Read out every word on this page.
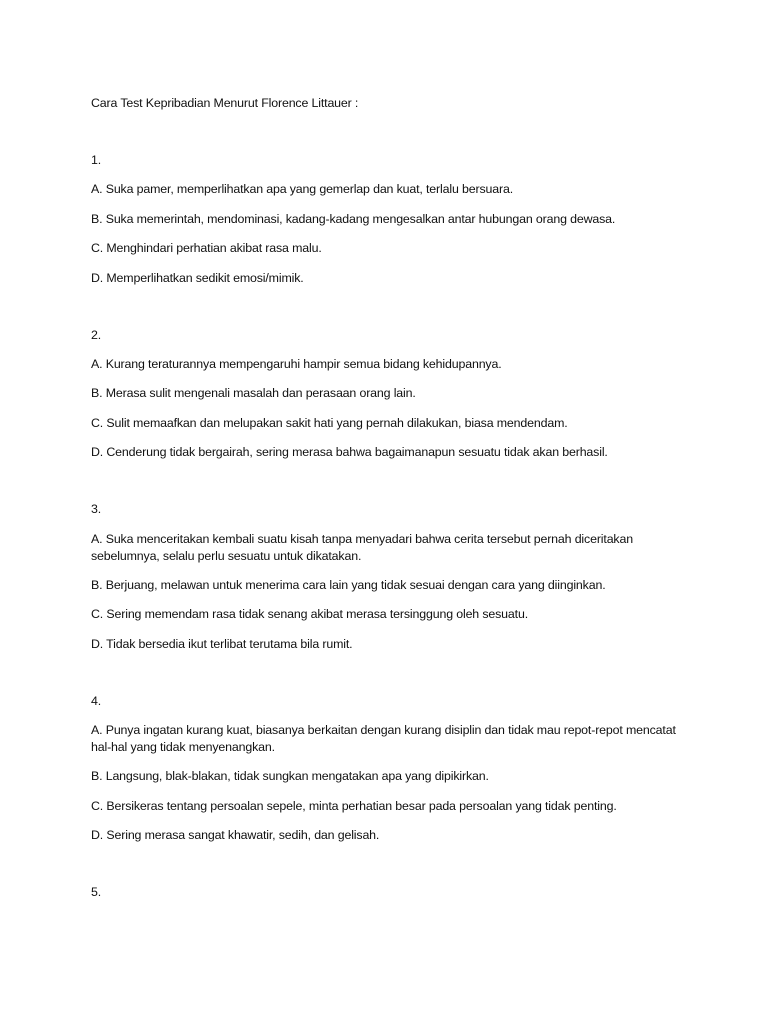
Cara Test Kepribadian Menurut Florence Littauer :

1.

A. Suka pamer, memperlihatkan apa yang gemerlap dan kuat, terlalu bersuara.

B. Suka memerintah, mendominasi, kadang-kadang mengesalkan antar hubungan orang dewasa.

C. Menghindari perhatian akibat rasa malu.

D. Memperlihatkan sedikit emosi/mimik.

2.

A. Kurang teraturannya mempengaruhi hampir semua bidang kehidupannya.

B. Merasa sulit mengenali masalah dan perasaan orang lain.

C. Sulit memaafkan dan melupakan sakit hati yang pernah dilakukan, biasa mendendam.

D. Cenderung tidak bergairah, sering merasa bahwa bagaimanapun sesuatu tidak akan berhasil.

3.

A. Suka menceritakan kembali suatu kisah tanpa menyadari bahwa cerita tersebut pernah diceritakan sebelumnya, selalu perlu sesuatu untuk dikatakan.

B. Berjuang, melawan untuk menerima cara lain yang tidak sesuai dengan cara yang diinginkan.

C. Sering memendam rasa tidak senang akibat merasa tersinggung oleh sesuatu.

D. Tidak bersedia ikut terlibat terutama bila rumit.

4.

A. Punya ingatan kurang kuat, biasanya berkaitan dengan kurang disiplin dan tidak mau repot-repot mencatat hal-hal yang tidak menyenangkan.

B. Langsung, blak-blakan, tidak sungkan mengatakan apa yang dipikirkan.

C. Bersikeras tentang persoalan sepele, minta perhatian besar pada persoalan yang tidak penting.

D. Sering merasa sangat khawatir, sedih, dan gelisah.

5.
